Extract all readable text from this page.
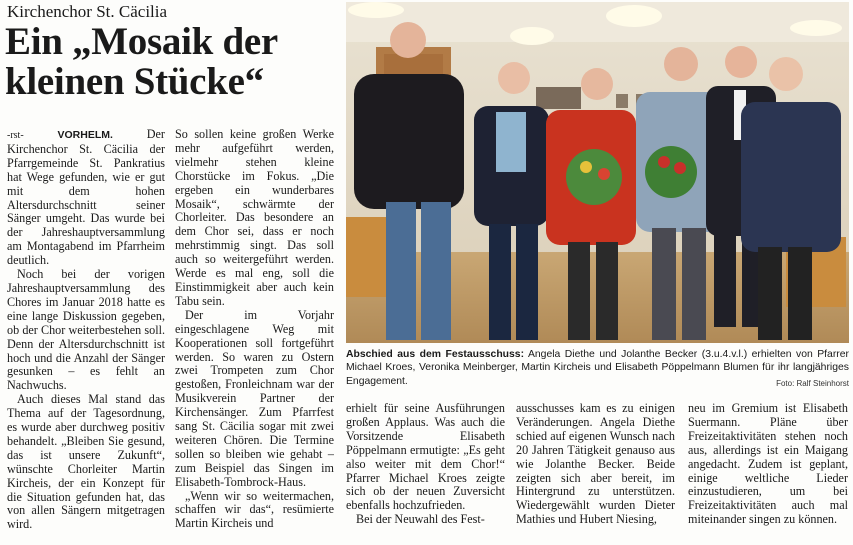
Kirchenchor St. Cäcilia
Ein „Mosaik der kleinen Stücke“

-rst-	VORHELM.	Der Kirchenchor St. Cäcilia der Pfarrgemeinde St. Pankratius hat Wege gefunden, wie er gut mit dem hohen Altersdurchschnitt seiner Sänger umgeht. Das wurde bei der Jahreshauptversammlung am Montagabend im Pfarrheim deutlich.

Noch bei der vorigen Jahreshauptversammlung des Chores im Januar 2018 hatte es eine lange Diskussion gegeben, ob der Chor weiterbestehen soll. Denn der Altersdurchschnitt ist hoch und die Anzahl der Sänger gesunken – es fehlt an Nachwuchs.

Auch dieses Mal stand das Thema auf der Tagesordnung, es wurde aber durchweg positiv behandelt. „Bleiben Sie gesund, das ist unsere Zukunft“, wünschte Chorleiter Martin Kircheis, der ein Konzept für die Situation gefunden hat, das von allen Sängern mitgetragen wird.

So sollen keine großen Werke mehr aufgeführt werden, vielmehr stehen kleine Chorstücke im Fokus. „Die ergeben ein wunderbares Mosaik“, schwärmte der Chorleiter. Das besondere an dem Chor sei, dass er noch mehrstimmig singt. Das soll auch so weitergeführt werden. Werde es mal eng, soll die Einstimmigkeit aber auch kein Tabu sein.

Der im Vorjahr eingeschlagene Weg mit Kooperationen soll fortgeführt werden. So waren zu Ostern zwei Trompeten zum Chor gestoßen, Fronleichnam war der Musikverein Partner der Kirchensänger. Zum Pfarrfest sang St. Cäcilia sogar mit zwei weiteren Chören. Die Termine sollen so bleiben wie gehabt – zum Beispiel das Singen im Elisabeth-Tombrock-Haus.

„Wenn wir so weitermachen, schaffen wir das“, resümierte Martin Kircheis und

Abschied aus dem Festausschuss: Angela Diethe und Jolanthe Becker (3.u.4.v.l.) erhielten von Pfarrer Michael Kroes, Veronika Meinberger, Martin Kircheis und Elisabeth Pöppelmann Blumen für ihr langjähriges Engagement.	Foto: Ralf Steinhorst

erhielt für seine Ausführungen großen Applaus. Was auch die Vorsitzende Elisabeth Pöppelmann ermutigte: „Es geht also weiter mit dem Chor!“ Pfarrer Michael Kroes zeigte sich ob der neuen Zuversicht ebenfalls hochzufrieden.

Bei der Neuwahl des Fest-

ausschusses kam es zu einigen Veränderungen. Angela Diethe schied auf eigenen Wunsch nach 20 Jahren Tätigkeit genauso aus wie Jolanthe Becker. Beide zeigten sich aber bereit, im Hintergrund zu unterstützen. Wiedergewählt wurden Dieter Mathies und Hubert Niesing,

neu im Gremium ist Elisabeth Suermann. Pläne über Freizeitaktivitäten stehen noch aus, allerdings ist ein Maigang angedacht. Zudem ist geplant, einige weltliche Lieder einzustudieren, um bei Freizeitaktivitäten auch mal miteinander singen zu können.
